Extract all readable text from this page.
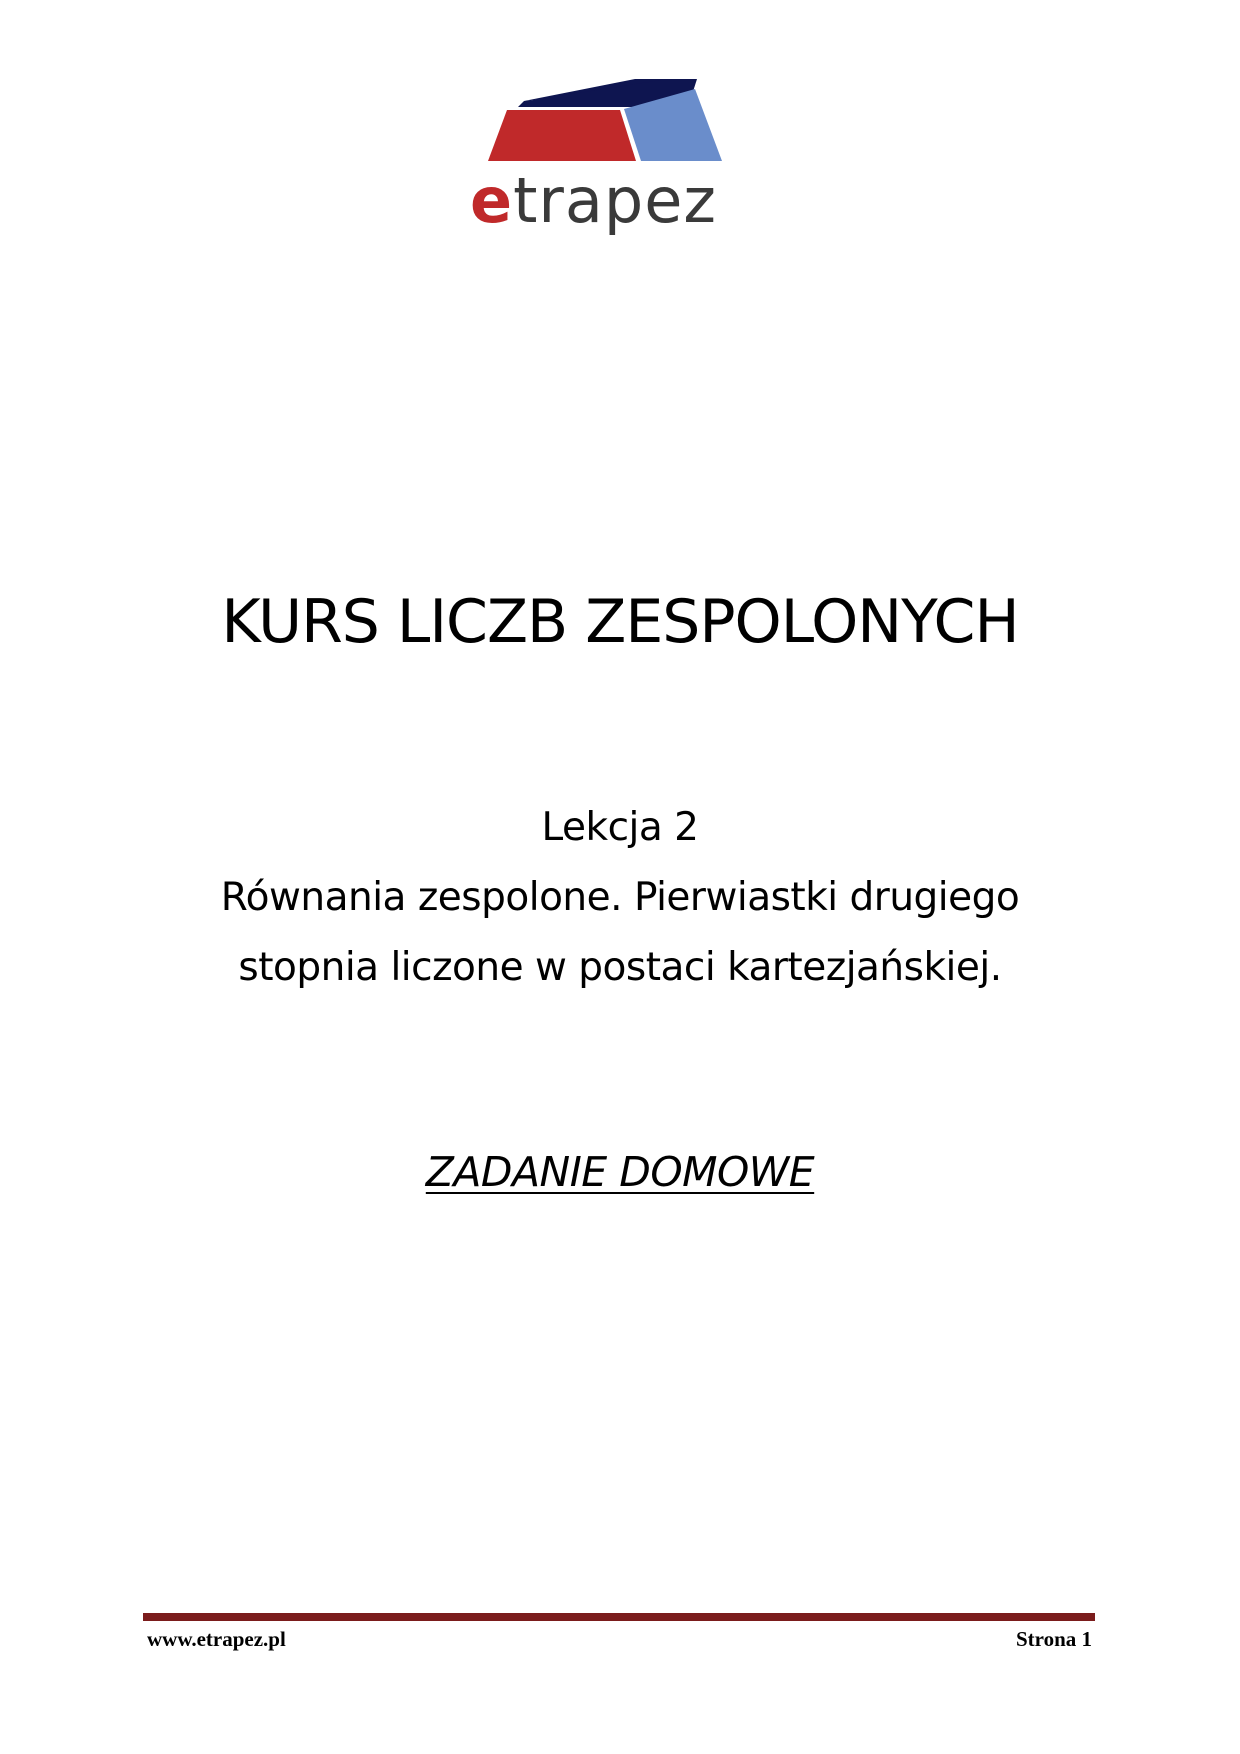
etrapez
KURS LICZB ZESPOLONYCH
Lekcja 2
Równania zespolone. Pierwiastki drugiego
stopnia liczone w postaci kartezjańskiej.
ZADANIE DOMOWE
www.etrapez.pl	Strona 1
